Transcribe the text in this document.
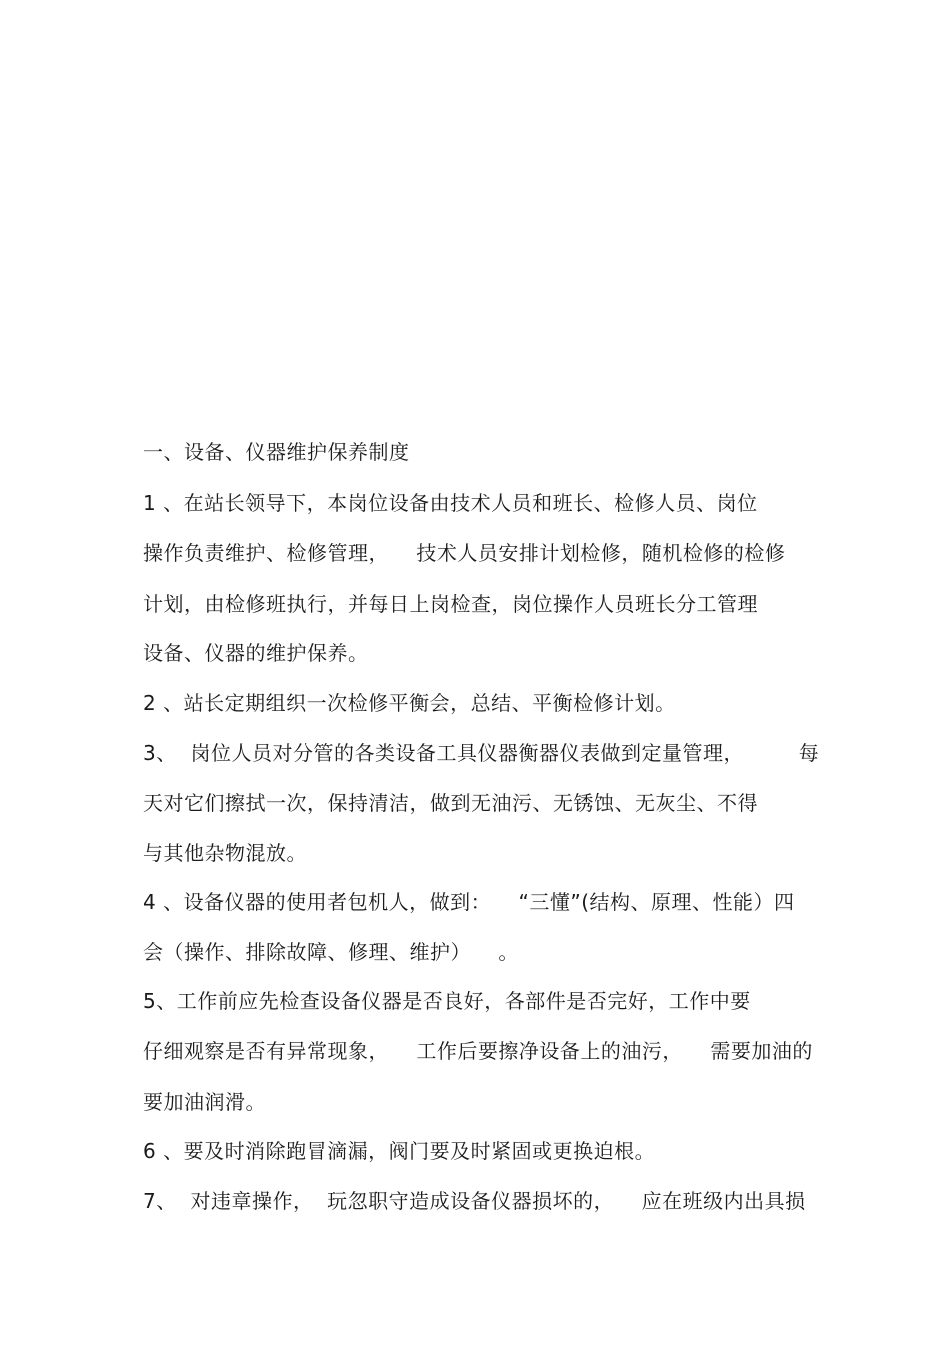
一、设备、仪器维护保养制度
1 、在站长领导下，本岗位设备由技术人员和班长、检修人员、岗位
操作负责维护、检修管理，    技术人员安排计划检修，随机检修的检修
计划，由检修班执行，并每日上岗检查，岗位操作人员班长分工管理
设备、仪器的维护保养。
2 、站长定期组织一次检修平衡会，总结、平衡检修计划。
3、  岗位人员对分管的各类设备工具仪器衡器仪表做到定量管理，        每
天对它们擦拭一次，保持清洁，做到无油污、无锈蚀、无灰尘、不得
与其他杂物混放。
4 、设备仪器的使用者包机人，做到：    “三懂”(结构、原理、性能）四
会（操作、排除故障、修理、维护）    。
5、工作前应先检查设备仪器是否良好，各部件是否完好，工作中要
仔细观察是否有异常现象，    工作后要擦净设备上的油污，    需要加油的
要加油润滑。
6 、要及时消除跑冒滴漏，阀门要及时紧固或更换迫根。
7、  对违章操作，  玩忽职守造成设备仪器损坏的，    应在班级内出具损
